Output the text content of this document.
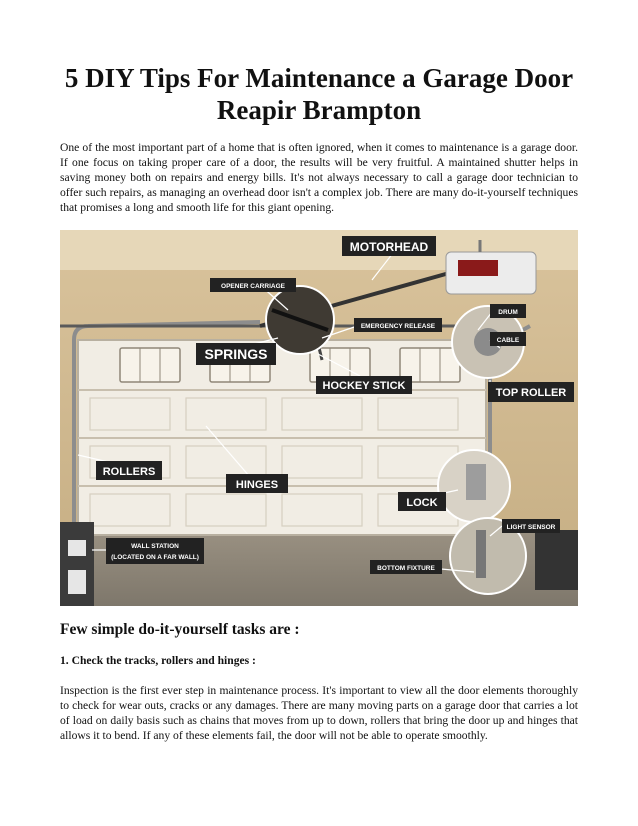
5 DIY Tips For Maintenance a Garage Door Reapir Brampton

One of the most important part of a home that is often ignored, when it comes to maintenance is a garage door. If one focus on taking proper care of a door, the results will be very fruitful. A maintained shutter helps in saving money both on repairs and energy bills. It's not always necessary to call a garage door technician to offer such repairs, as managing an overhead door isn't a complex job. There are many do-it-yourself techniques that promises a long and smooth life for this giant opening.

MOTORHEAD
OPENER CARRIAGE
DRUM
EMERGENCY RELEASE
CABLE
SPRINGS
HOCKEY STICK
TOP ROLLER
ROLLERS
HINGES
LOCK
WALL STATION
(LOCATED ON A FAR WALL)
LIGHT SENSOR
BOTTOM FIXTURE
Few simple do-it-yourself tasks are :
1. Check the tracks, rollers and hinges :

Inspection is the first ever step in maintenance process. It's important to view all the door elements thoroughly to check for wear outs, cracks or any damages. There are many moving parts on a garage door that carries a lot of load on daily basis such as chains that moves from up to down, rollers that bring the door up and hinges that allows it to bend. If any of these elements fail, the door will not be able to operate smoothly.
